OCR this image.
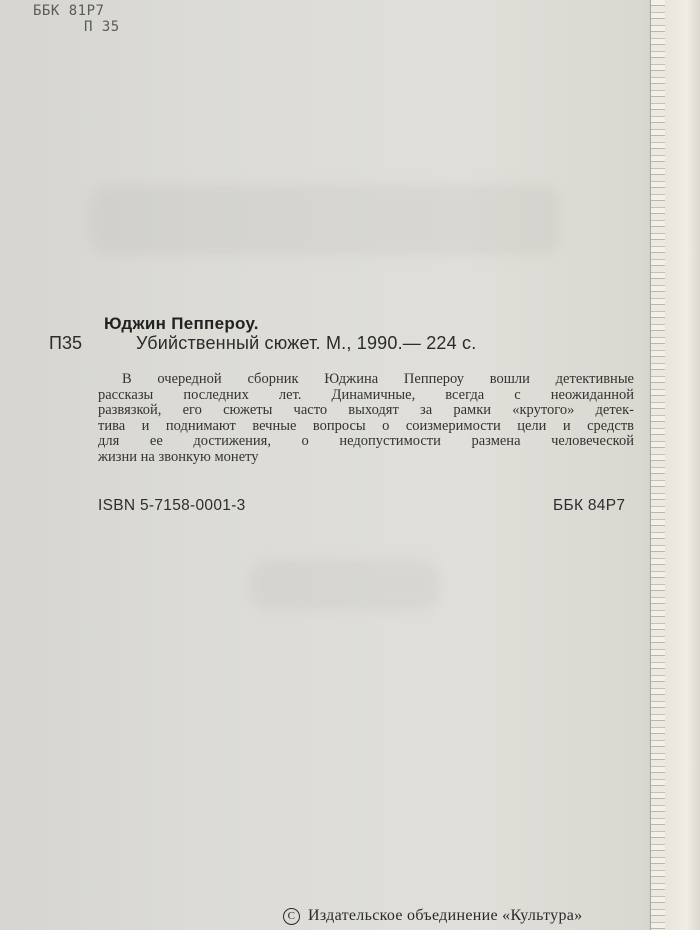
ББК 81Р7
П 35
Юджин Пеппероу.
П35	Убийственный сюжет. М., 1990.— 224 с.
В очередной сборник Юджина Пеппероу вошли детективные
рассказы последних лет. Динамичные, всегда с неожиданной
развязкой, его сюжеты часто выходят за рамки «крутого» детек-
тива и поднимают вечные вопросы о соизмеримости цели и средств
для ее достижения, о недопустимости размена человеческой
жизни на звонкую монету
ISBN 5-7158-0001-3	ББК 84Р7
C Издательское объединение «Культура»
